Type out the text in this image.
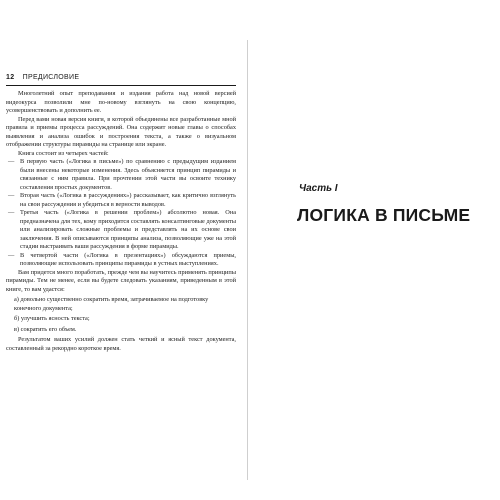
12 ПРЕДИСЛОВИЕ

Многолетний опыт преподавания и издания работа над новой версией видеокурса позволили мне по-новому взглянуть на свою концепцию, усовершенствовать и дополнить ее.

Перед вами новая версия книги, в которой объединены все разработанные мной правила и приемы процесса рассуждений. Она содержит новые главы о способах выявления и анализа ошибок и построения текста, а также о визуальном отображении структуры пирамиды на странице или экране.

Книга состоит из четырех частей:

— В первую часть («Логика в письме») по сравнению с предыдущим изданием были внесены некоторые изменения. Здесь объясняется принцип пирамиды и связанные с ним правила. При прочтении этой части вы освоите технику составления простых документов.
— Вторая часть («Логика в рассуждениях») рассказывает, как критично взглянуть на свои рассуждения и убедиться в верности выводов.
— Третья часть («Логика в решении проблем») абсолютно новая. Она предназначена для тех, кому приходится составлять консалтинговые документы или анализировать сложные проблемы и представлять на их основе свои заключения. В ней описываются принципы анализа, позволяющие уже на этой стадии выстраивать ваши рассуждения в форме пирамиды.
— В четвертой части («Логика в презентациях») обсуждаются приемы, позволяющие использовать принципы пирамиды в устных выступлениях.

Вам придется много поработать, прежде чем вы научитесь применять принципы пирамиды. Тем не менее, если вы будете следовать указаниям, приведенным в этой книге, то вам удастся:

а) довольно существенно сократить время, затрачиваемое на подготовку конечного документа;
б) улучшить ясность текста;
в) сократить его объем.

Результатом ваших усилий должен стать четкий и ясный текст документа, составленный за рекордно короткое время.

Часть I
ЛОГИКА В ПИСЬМЕ
